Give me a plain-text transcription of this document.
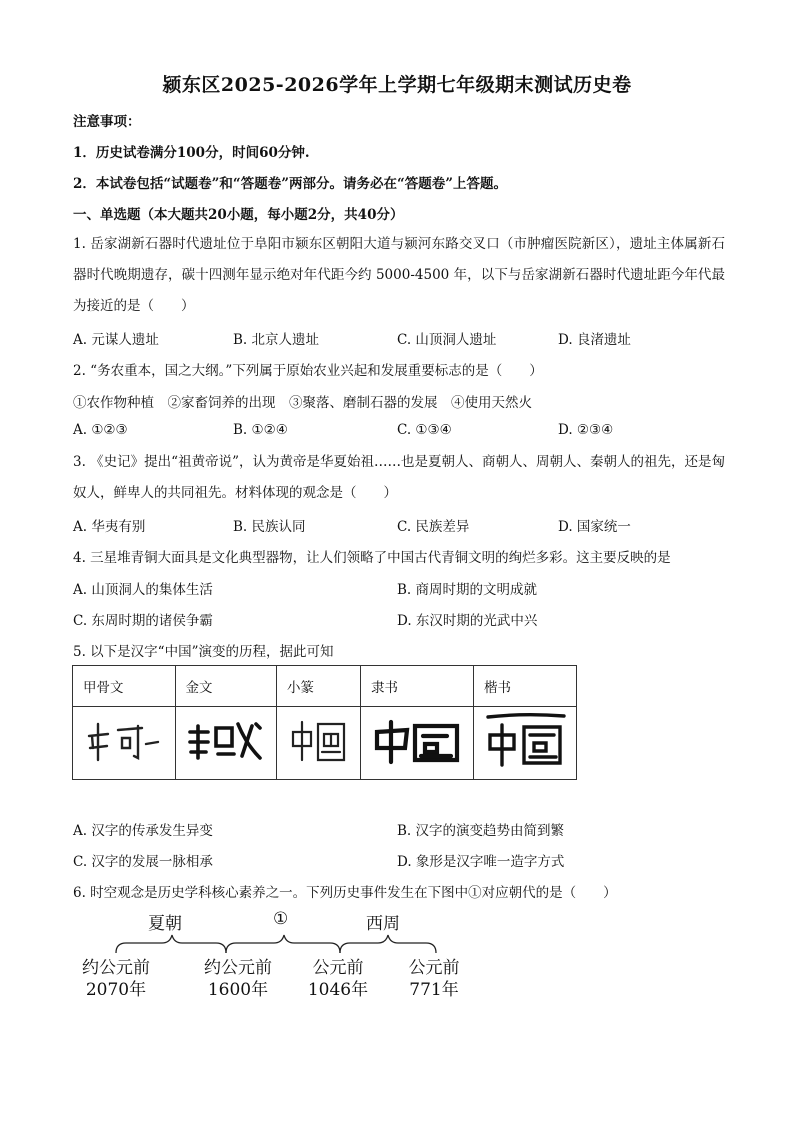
颍东区2025-2026学年上学期七年级期末测试历史卷
注意事项：
1．历史试卷满分100分，时间60分钟.
2．本试卷包括“试题卷”和“答题卷”两部分。请务必在“答题卷”上答题。
一、单选题（本大题共20小题，每小题2分，共40分）
1. 岳家湖新石器时代遗址位于阜阳市颍东区朝阳大道与颍河东路交叉口（市肿瘤医院新区），遗址主体属新石器时代晚期遗存，碳十四测年显示绝对年代距今约 5000-4500 年，以下与岳家湖新石器时代遗址距今年代最为接近的是（　　）
A. 元谋人遗址	B. 北京人遗址	C. 山顶洞人遗址	D. 良渚遗址
2. “务农重本，国之大纲。”下列属于原始农业兴起和发展重要标志的是（　　）
①农作物种植　②家畜饲养的出现　③聚落、磨制石器的发展　④使用天然火
A. ①②③	B. ①②④	C. ①③④	D. ②③④
3. 《史记》提出“祖黄帝说”，认为黄帝是华夏始祖……也是夏朝人、商朝人、周朝人、秦朝人的祖先，还是匈奴人，鲜卑人的共同祖先。材料体现的观念是（　　）
A. 华夷有别	B. 民族认同	C. 民族差异	D. 国家统一
4. 三星堆青铜大面具是文化典型器物，让人们领略了中国古代青铜文明的绚烂多彩。这主要反映的是
A. 山顶洞人的集体生活	B. 商周时期的文明成就
C. 东周时期的诸侯争霸	D. 东汉时期的光武中兴
5. 以下是汉字“中国”演变的历程，据此可知
甲骨文	金文	小篆	隶书	楷书

A. 汉字的传承发生异变	B. 汉字的演变趋势由简到繁
C. 汉字的发展一脉相承	D. 象形是汉字唯一造字方式
6. 时空观念是历史学科核心素养之一。下列历史事件发生在下图中①对应朝代的是（　　）
夏朝	①	西周
约公元前
2070年
约公元前
1600年
公元前
1046年
公元前
771年
